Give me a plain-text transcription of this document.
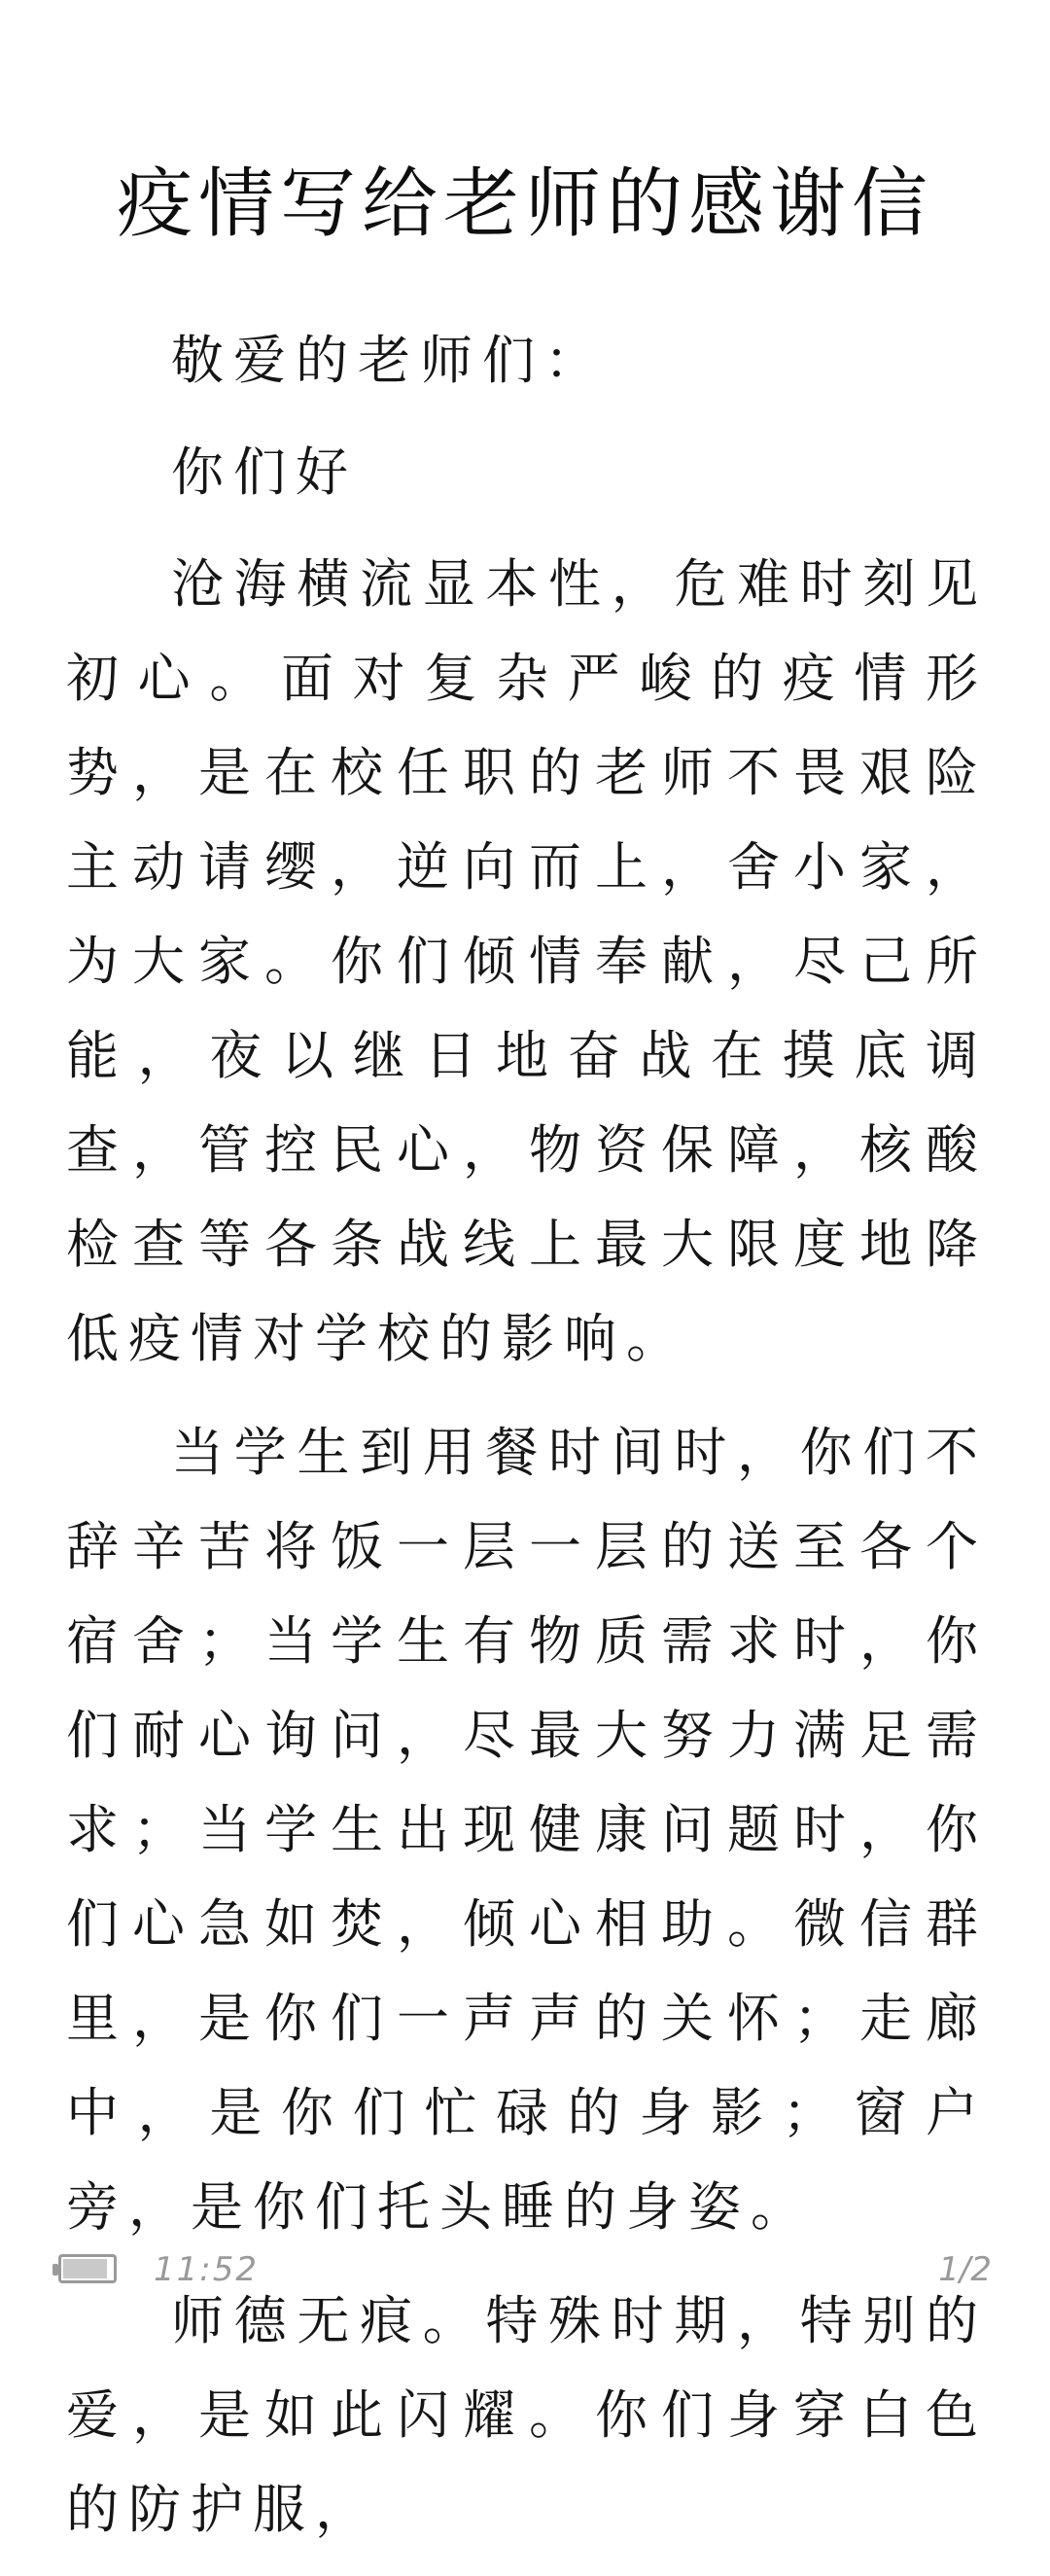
疫情写给老师的感谢信

敬爱的老师们：

你们好

沧海横流显本性，危难时刻见初心。面对复杂严峻的疫情形势，是在校任职的老师不畏艰险主动请缨，逆向而上，舍小家，为大家。你们倾情奉献，尽己所能，夜以继日地奋战在摸底调查，管控民心，物资保障，核酸检查等各条战线上最大限度地降低疫情对学校的影响。

当学生到用餐时间时，你们不辞辛苦将饭一层一层的送至各个宿舍；当学生有物质需求时，你们耐心询问，尽最大努力满足需求；当学生出现健康问题时，你们心急如焚，倾心相助。微信群里，是你们一声声的关怀；走廊中，是你们忙碌的身影；窗户旁，是你们托头睡的身姿。

师德无痕。特殊时期，特别的爱，是如此闪耀。你们身穿白色的防护服，

11:52	1/2
